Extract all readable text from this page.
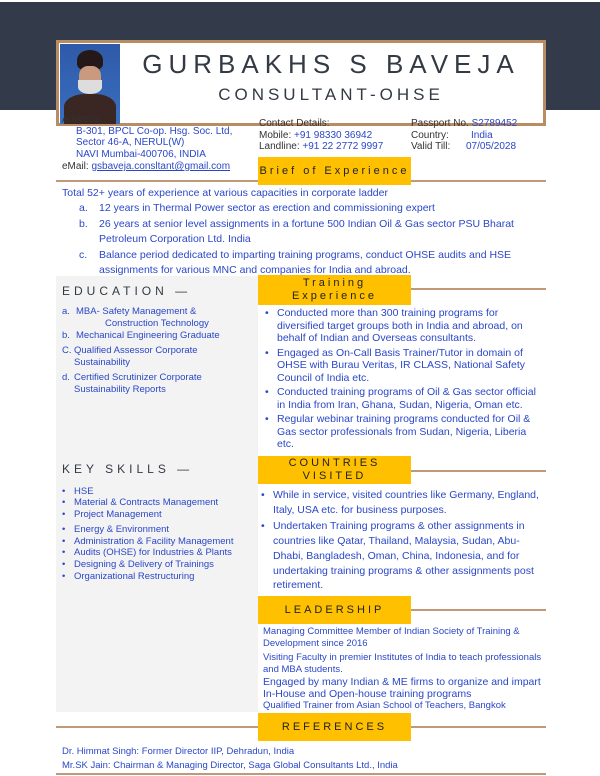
GURBAKHS S BAVEJA
CONSULTANT-OHSE
Address:
B-301, BPCL Co-op. Hsg. Soc. Ltd,
Sector 46-A, NERUL(W)
NAVI Mumbai-400706, INDIA
eMail: gsbaveja.consltant@gmail.com
Contact Details:
Mobile: +91 98330 36942
Landline: +91 22 2772 9997
Passport No. S2789452
Country: India
Valid Till: 07/05/2028
Brief of Experience
Total 52+ years of experience at various capacities in corporate ladder
a.	12 years in Thermal Power sector as erection and commissioning expert
b.	26 years at senior level assignments in a fortune 500 Indian Oil & Gas sector PSU Bharat Petroleum Corporation Ltd. India
c.	Balance period dedicated to imparting training programs, conduct OHSE audits and HSE assignments for various MNC and companies for India and abroad.
EDUCATION —
a. MBA- Safety Management &
Construction Technology
b. Mechanical Engineering Graduate
C. Qualified Assessor Corporate Sustainability
d. Certified Scrutinizer Corporate Sustainability Reports
KEY SKILLS —
• HSE
• Material & Contracts Management
• Project Management
• Energy & Environment
• Administration & Facility Management
• Audits (OHSE) for Industries & Plants
• Designing & Delivery of Trainings
• Organizational Restructuring
Training
Experience
• Conducted more than 300 training programs for diversified target groups both in India and abroad, on behalf of Indian and Overseas consultants.
• Engaged as On-Call Basis Trainer/Tutor in domain of OHSE with Burau Veritas, IR CLASS, National Safety Council of India etc.
• Conducted training programs of Oil & Gas sector official in India from Iran, Ghana, Sudan, Nigeria, Oman etc.
• Regular webinar training programs conducted for Oil & Gas sector professionals from Sudan, Nigeria, Liberia etc.
COUNTRIES
VISITED
• While in service, visited countries like Germany, England, Italy, USA etc. for business purposes.
• Undertaken Training programs & other assignments in countries like Qatar, Thailand, Malaysia, Sudan, Abu-Dhabi, Bangladesh, Oman, China, Indonesia, and for undertaking training programs & other assignments post retirement.
LEADERSHIP
Managing Committee Member of Indian Society of Training & Development since 2016
Visiting Faculty in premier Institutes of India to teach professionals and MBA students.
Engaged by many Indian & ME firms to organize and impart In-House and Open-house training programs
Qualified Trainer from Asian School of Teachers, Bangkok
REFERENCES
Dr. Himmat Singh: Former Director IIP, Dehradun, India
Mr.SK Jain: Chairman & Managing Director, Saga Global Consultants Ltd., India
